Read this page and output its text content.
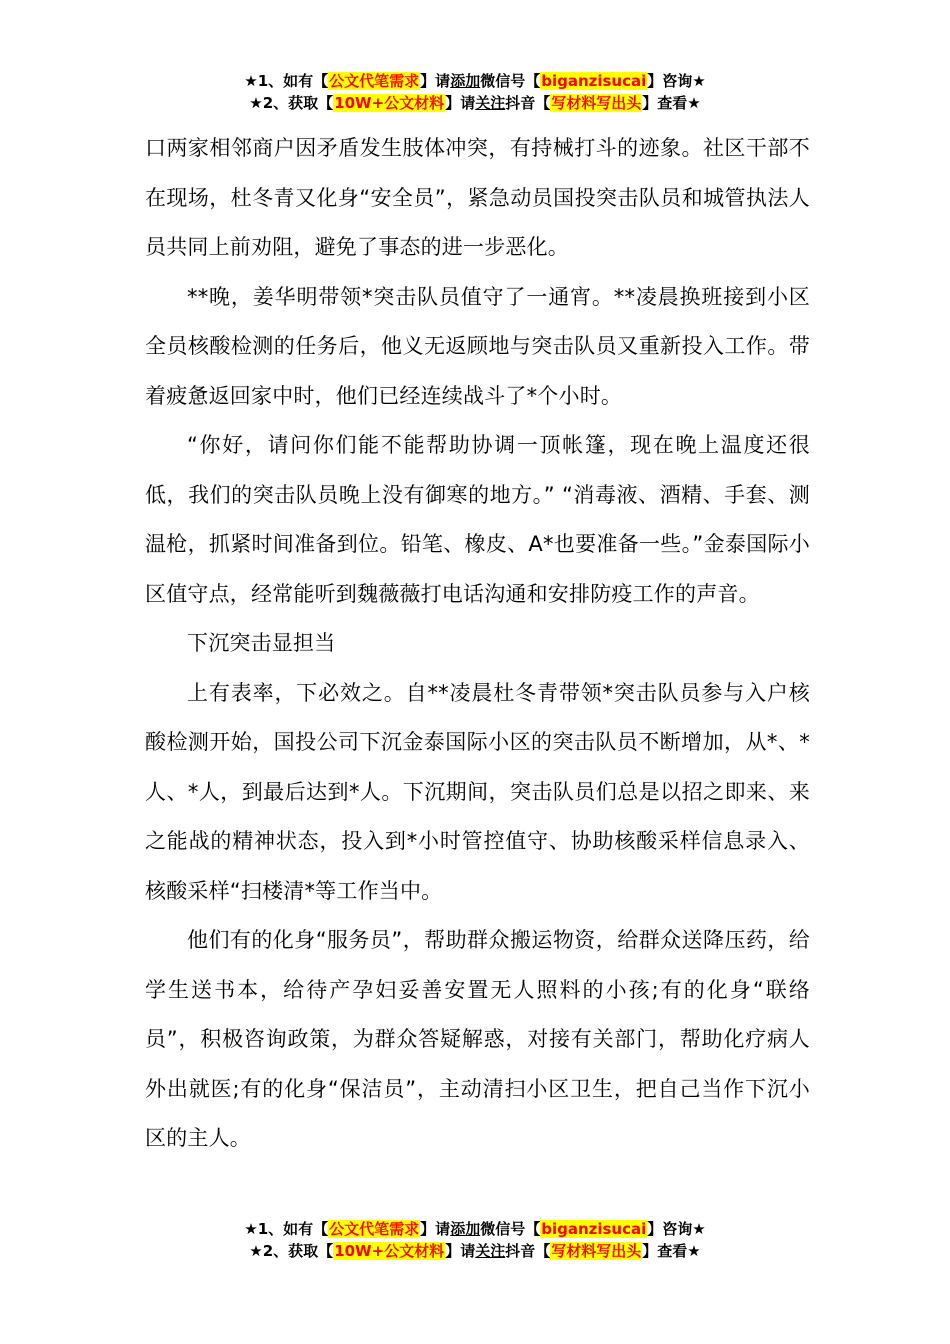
★1、如有【公文代笔需求】请添加微信号【biganzisucai】咨询★
★2、获取【10W+公文材料】请关注抖音【写材料写出头】查看★

口两家相邻商户因矛盾发生肢体冲突，有持械打斗的迹象。社区干部不在现场，杜冬青又化身“安全员”，紧急动员国投突击队员和城管执法人员共同上前劝阻，避免了事态的进一步恶化。

**晚，姜华明带领*突击队员值守了一通宵。**凌晨换班接到小区全员核酸检测的任务后，他义无返顾地与突击队员又重新投入工作。带着疲惫返回家中时，他们已经连续战斗了*个小时。

“你好，请问你们能不能帮助协调一顶帐篷，现在晚上温度还很低，我们的突击队员晚上没有御寒的地方。” “消毒液、酒精、手套、测温枪，抓紧时间准备到位。铅笔、橡皮、A*也要准备一些。”金泰国际小区值守点，经常能听到魏薇薇打电话沟通和安排防疫工作的声音。

下沉突击显担当

上有表率，下必效之。自**凌晨杜冬青带领*突击队员参与入户核酸检测开始，国投公司下沉金泰国际小区的突击队员不断增加，从*、*人、*人，到最后达到*人。下沉期间，突击队员们总是以招之即来、来之能战的精神状态，投入到*小时管控值守、协助核酸采样信息录入、核酸采样“扫楼清*等工作当中。

他们有的化身“服务员”，帮助群众搬运物资，给群众送降压药，给学生送书本，给待产孕妇妥善安置无人照料的小孩;有的化身“联络员”，积极咨询政策，为群众答疑解惑，对接有关部门，帮助化疗病人外出就医;有的化身“保洁员”，主动清扫小区卫生，把自己当作下沉小区的主人。

★1、如有【公文代笔需求】请添加微信号【biganzisucai】咨询★
★2、获取【10W+公文材料】请关注抖音【写材料写出头】查看★
